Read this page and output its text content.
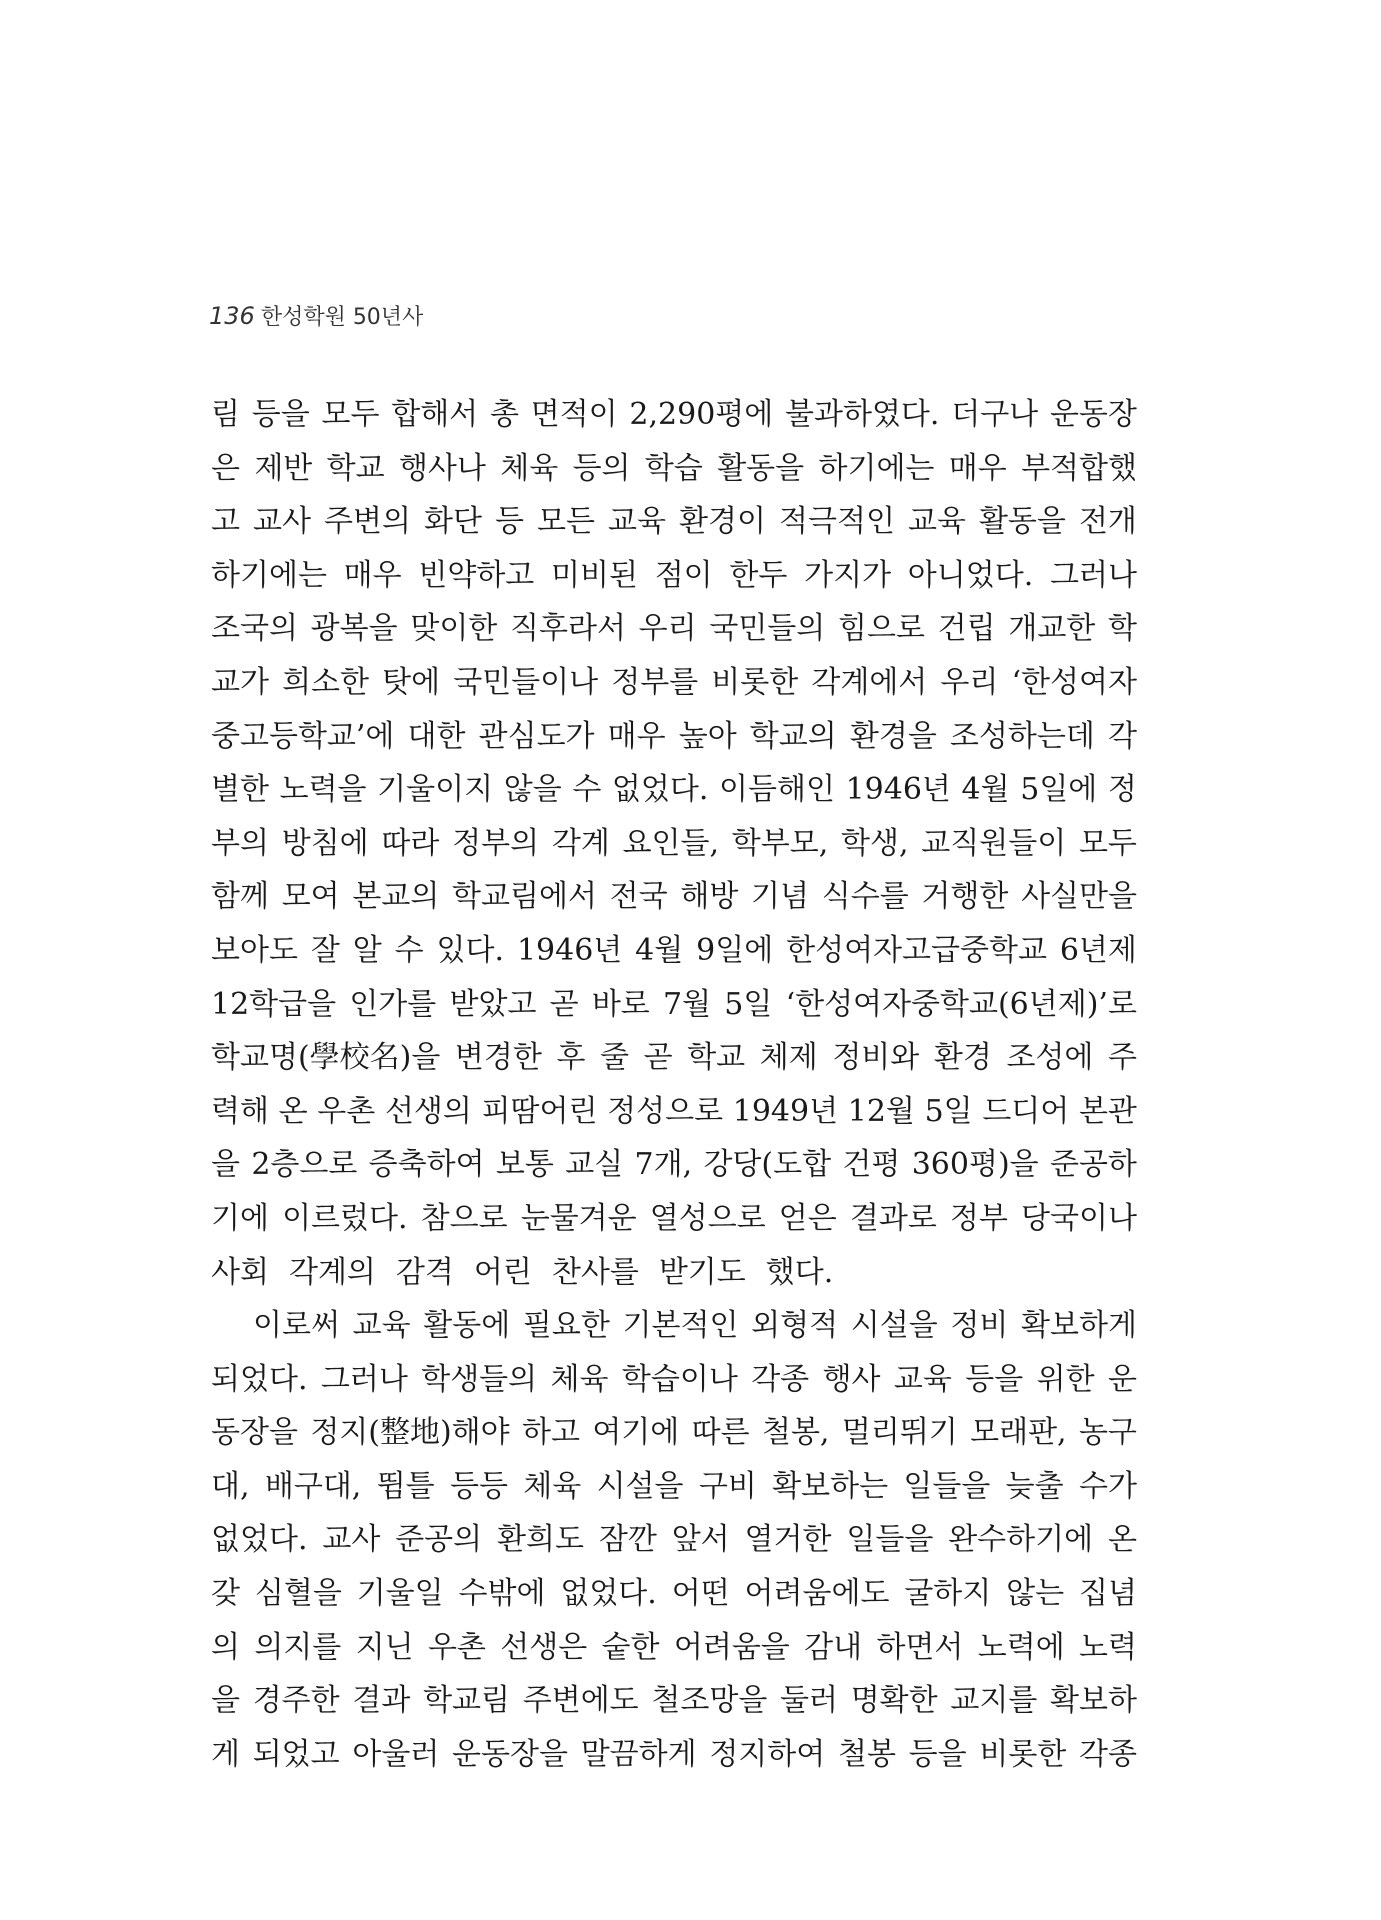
136 한성학원 50년사
림 등을 모두 합해서 총 면적이 2,290평에 불과하였다. 더구나 운동장
은 제반 학교 행사나 체육 등의 학습 활동을 하기에는 매우 부적합했
고 교사 주변의 화단 등 모든 교육 환경이 적극적인 교육 활동을 전개
하기에는 매우 빈약하고 미비된 점이 한두 가지가 아니었다. 그러나
조국의 광복을 맞이한 직후라서 우리 국민들의 힘으로 건립 개교한 학
교가 희소한 탓에 국민들이나 정부를 비롯한 각계에서 우리 ‘한성여자
중고등학교’에 대한 관심도가 매우 높아 학교의 환경을 조성하는데 각
별한 노력을 기울이지 않을 수 없었다. 이듬해인 1946년 4월 5일에 정
부의 방침에 따라 정부의 각계 요인들, 학부모, 학생, 교직원들이 모두
함께 모여 본교의 학교림에서 전국 해방 기념 식수를 거행한 사실만을
보아도 잘 알 수 있다. 1946년 4월 9일에 한성여자고급중학교 6년제
12학급을 인가를 받았고 곧 바로 7월 5일 ‘한성여자중학교(6년제)’로
학교명(學校名)을 변경한 후 줄 곧 학교 체제 정비와 환경 조성에 주
력해 온 우촌 선생의 피땀어린 정성으로 1949년 12월 5일 드디어 본관
을 2층으로 증축하여 보통 교실 7개, 강당(도합 건평 360평)을 준공하
기에 이르렀다. 참으로 눈물겨운 열성으로 얻은 결과로 정부 당국이나
사회 각계의 감격 어린 찬사를 받기도 했다.
이로써 교육 활동에 필요한 기본적인 외형적 시설을 정비 확보하게
되었다. 그러나 학생들의 체육 학습이나 각종 행사 교육 등을 위한 운
동장을 정지(整地)해야 하고 여기에 따른 철봉, 멀리뛰기 모래판, 농구
대, 배구대, 뜀틀 등등 체육 시설을 구비 확보하는 일들을 늦출 수가
없었다. 교사 준공의 환희도 잠깐 앞서 열거한 일들을 완수하기에 온
갖 심혈을 기울일 수밖에 없었다. 어떤 어려움에도 굴하지 않는 집념
의 의지를 지닌 우촌 선생은 숱한 어려움을 감내 하면서 노력에 노력
을 경주한 결과 학교림 주변에도 철조망을 둘러 명확한 교지를 확보하
게 되었고 아울러 운동장을 말끔하게 정지하여 철봉 등을 비롯한 각종
